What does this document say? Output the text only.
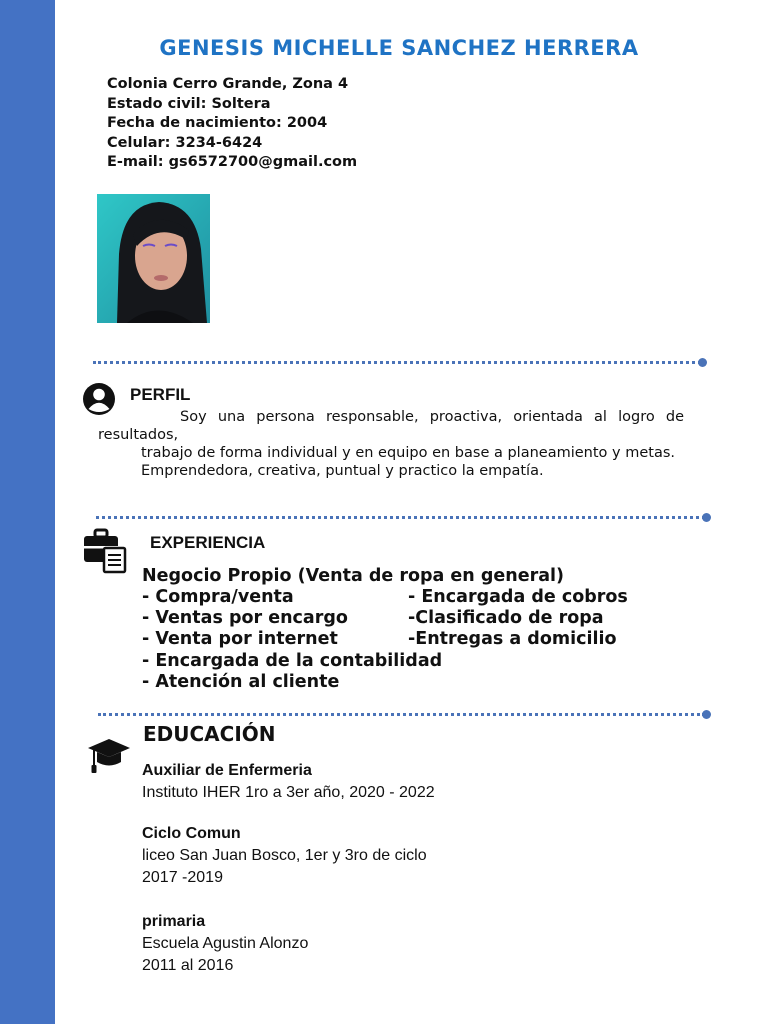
GENESIS MICHELLE SANCHEZ HERRERA
Colonia Cerro Grande, Zona 4
Estado civil: Soltera
Fecha de nacimiento: 2004
Celular: 3234-6424
E-mail: gs6572700@gmail.com
PERFIL

Soy una persona responsable, proactiva, orientada al logro de resultados,

trabajo de forma individual y en equipo en base a planeamiento y metas.

Emprendedora, creativa, puntual y practico la empatía.

EXPERIENCIA
Negocio Propio (Venta de ropa en general)
- Compra/venta	- Encargada de cobros
- Ventas por encargo	-Clasificado de ropa
- Venta por internet	-Entregas a domicilio
- Encargada de la contabilidad
- Atención al cliente
EDUCACIÓN
Auxiliar de Enfermeria
Instituto IHER 1ro a 3er año, 2020 - 2022
Ciclo Comun
liceo San Juan Bosco, 1er y 3ro de ciclo
2017 -2019
primaria
Escuela Agustin Alonzo
2011 al 2016
